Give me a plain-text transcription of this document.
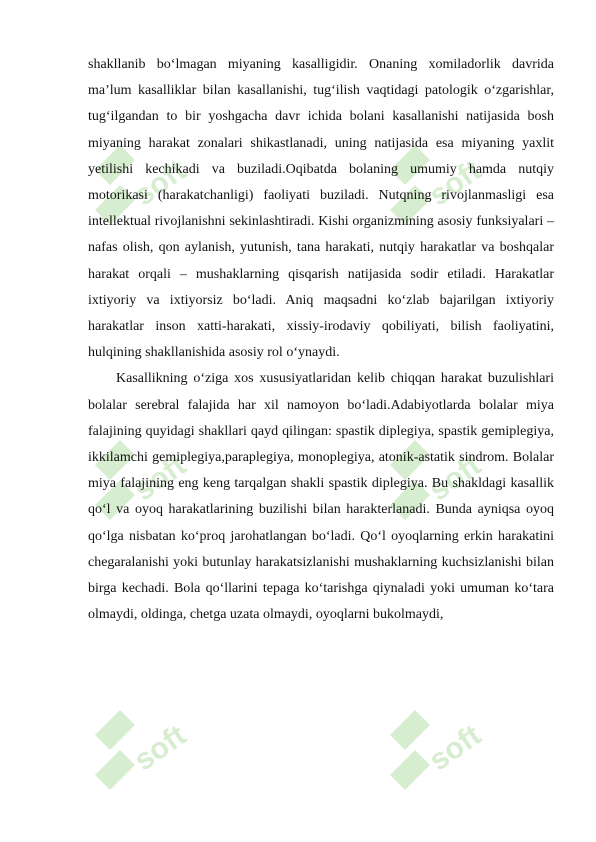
soft	soft
soft	soft
soft	soft

shakllanib bo‘lmagan miyaning kasalligidir. Onaning xomiladorlik davrida ma’lum kasalliklar bilan kasallanishi, tug‘ilish vaqtidagi patologik o‘zgarishlar, tug‘ilgandan to bir yoshgacha davr ichida bolani kasallanishi natijasida bosh miyaning harakat zonalari shikastlanadi, uning natijasida esa miyaning yaxlit yetilishi kechikadi va buziladi.Oqibatda bolaning umumiy hamda nutqiy motorikasi (harakatchanligi) faoliyati buziladi. Nutqning rivojlanmasligi esa intellektual rivojlanishni sekinlashtiradi. Kishi organizmining asosiy funksiyalari – nafas olish, qon aylanish, yutunish, tana harakati, nutqiy harakatlar va boshqalar harakat orqali – mushaklarning qisqarish natijasida sodir etiladi. Harakatlar ixtiyoriy va ixtiyorsiz bo‘ladi. Aniq maqsadni ko‘zlab bajarilgan ixtiyoriy harakatlar inson xatti-harakati, xissiy-irodaviy qobiliyati, bilish faoliyatini, hulqining shakllanishida asosiy rol o‘ynaydi.

Kasallikning o‘ziga xos xususiyatlaridan kelib chiqqan harakat buzulishlari bolalar serebral falajida har xil namoyon bo‘ladi.Adabiyotlarda bolalar miya falajining quyidagi shakllari qayd qilingan: spastik diplegiya, spastik gemiplegiya, ikkilamchi gemiplegiya,paraplegiya, monoplegiya, atonik-astatik sindrom. Bolalar miya falajining eng keng tarqalgan shakli spastik diplegiya. Bu shakldagi kasallik qo‘l va oyoq harakatlarining buzilishi bilan harakterlanadi. Bunda ayniqsa oyoq qo‘lga nisbatan ko‘proq jarohatlangan bo‘ladi. Qo‘l oyoqlarning erkin harakatini chegaralanishi yoki butunlay harakatsizlanishi mushaklarning kuchsizlanishi bilan birga kechadi. Bola qo‘llarini tepaga ko‘tarishga qiynaladi yoki umuman ko‘tara olmaydi, oldinga, chetga uzata olmaydi, oyoqlarni bukolmaydi,
